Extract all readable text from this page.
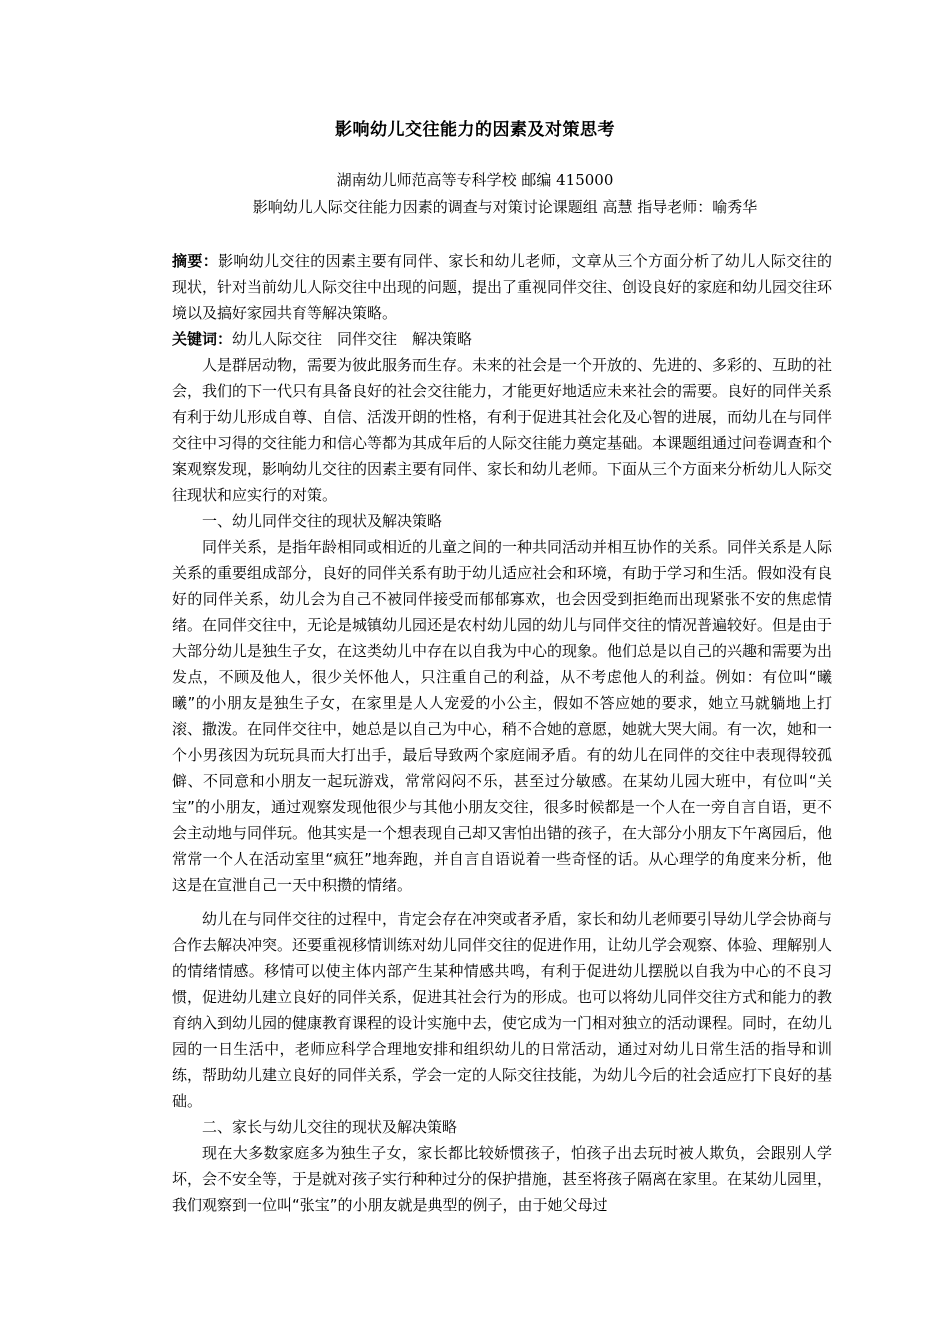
影响幼儿交往能力的因素及对策思考
湖南幼儿师范高等专科学校 邮编 415000
影响幼儿人际交往能力因素的调查与对策讨论课题组 高慧 指导老师：喻秀华

摘要：影响幼儿交往的因素主要有同伴、家长和幼儿老师，文章从三个方面分析了幼儿人际交往的现状，针对当前幼儿人际交往中出现的问题，提出了重视同伴交往、创设良好的家庭和幼儿园交往环境以及搞好家园共育等解决策略。

关键词：幼儿人际交往　同伴交往　解决策略

人是群居动物，需要为彼此服务而生存。未来的社会是一个开放的、先进的、多彩的、互助的社会，我们的下一代只有具备良好的社会交往能力，才能更好地适应未来社会的需要。良好的同伴关系有利于幼儿形成自尊、自信、活泼开朗的性格，有利于促进其社会化及心智的进展，而幼儿在与同伴交往中习得的交往能力和信心等都为其成年后的人际交往能力奠定基础。本课题组通过问卷调查和个案观察发现，影响幼儿交往的因素主要有同伴、家长和幼儿老师。下面从三个方面来分析幼儿人际交往现状和应实行的对策。

一、幼儿同伴交往的现状及解决策略

同伴关系，是指年龄相同或相近的儿童之间的一种共同活动并相互协作的关系。同伴关系是人际关系的重要组成部分，良好的同伴关系有助于幼儿适应社会和环境，有助于学习和生活。假如没有良好的同伴关系，幼儿会为自己不被同伴接受而郁郁寡欢，也会因受到拒绝而出现紧张不安的焦虑情绪。在同伴交往中，无论是城镇幼儿园还是农村幼儿园的幼儿与同伴交往的情况普遍较好。但是由于大部分幼儿是独生子女，在这类幼儿中存在以自我为中心的现象。他们总是以自己的兴趣和需要为出发点，不顾及他人，很少关怀他人，只注重自己的利益，从不考虑他人的利益。例如：有位叫“曦曦”的小朋友是独生子女，在家里是人人宠爱的小公主，假如不答应她的要求，她立马就躺地上打滚、撒泼。在同伴交往中，她总是以自己为中心，稍不合她的意愿，她就大哭大闹。有一次，她和一个小男孩因为玩玩具而大打出手，最后导致两个家庭闹矛盾。有的幼儿在同伴的交往中表现得较孤僻、不同意和小朋友一起玩游戏，常常闷闷不乐，甚至过分敏感。在某幼儿园大班中，有位叫“关宝”的小朋友，通过观察发现他很少与其他小朋友交往，很多时候都是一个人在一旁自言自语，更不会主动地与同伴玩。他其实是一个想表现自己却又害怕出错的孩子，在大部分小朋友下午离园后，他常常一个人在活动室里“疯狂”地奔跑，并自言自语说着一些奇怪的话。从心理学的角度来分析，他这是在宣泄自己一天中积攒的情绪。

幼儿在与同伴交往的过程中，肯定会存在冲突或者矛盾，家长和幼儿老师要引导幼儿学会协商与合作去解决冲突。还要重视移情训练对幼儿同伴交往的促进作用，让幼儿学会观察、体验、理解别人的情绪情感。移情可以使主体内部产生某种情感共鸣，有利于促进幼儿摆脱以自我为中心的不良习惯，促进幼儿建立良好的同伴关系，促进其社会行为的形成。也可以将幼儿同伴交往方式和能力的教育纳入到幼儿园的健康教育课程的设计实施中去，使它成为一门相对独立的活动课程。同时，在幼儿园的一日生活中，老师应科学合理地安排和组织幼儿的日常活动，通过对幼儿日常生活的指导和训练，帮助幼儿建立良好的同伴关系，学会一定的人际交往技能，为幼儿今后的社会适应打下良好的基础。

二、家长与幼儿交往的现状及解决策略

现在大多数家庭多为独生子女，家长都比较娇惯孩子，怕孩子出去玩时被人欺负，会跟别人学坏，会不安全等，于是就对孩子实行种种过分的保护措施，甚至将孩子隔离在家里。在某幼儿园里，我们观察到一位叫“张宝”的小朋友就是典型的例子，由于她父母过
